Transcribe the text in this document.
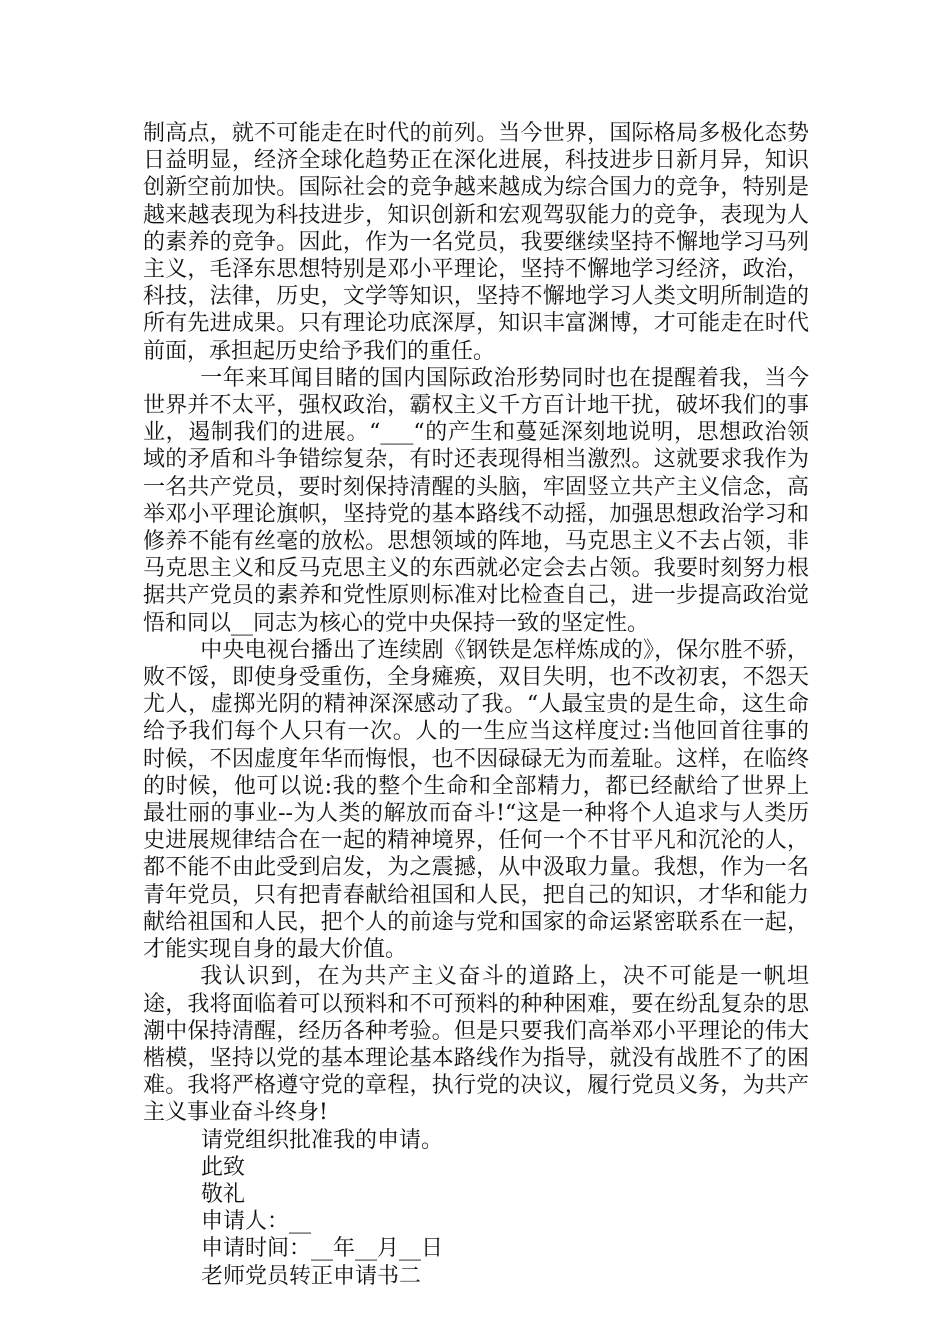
制高点，就不可能走在时代的前列。当今世界，国际格局多极化态势日益明显，经济全球化趋势正在深化进展，科技进步日新月异，知识创新空前加快。国际社会的竞争越来越成为综合国力的竞争，特别是越来越表现为科技进步，知识创新和宏观驾驭能力的竞争，表现为人的素养的竞争。因此，作为一名党员，我要继续坚持不懈地学习马列主义，毛泽东思想特别是邓小平理论，坚持不懈地学习经济，政治，科技，法律，历史，文学等知识，坚持不懈地学习人类文明所制造的所有先进成果。只有理论功底深厚，知识丰富渊博，才可能走在时代前面，承担起历史给予我们的重任。

一年来耳闻目睹的国内国际政治形势同时也在提醒着我，当今世界并不太平，强权政治，霸权主义千方百计地干扰，破坏我们的事业，遏制我们的进展。“___“的产生和蔓延深刻地说明，思想政治领域的矛盾和斗争错综复杂，有时还表现得相当激烈。这就要求我作为一名共产党员，要时刻保持清醒的头脑，牢固竖立共产主义信念，高举邓小平理论旗帜，坚持党的基本路线不动摇，加强思想政治学习和修养不能有丝毫的放松。思想领域的阵地，马克思主义不去占领，非马克思主义和反马克思主义的东西就必定会去占领。我要时刻努力根据共产党员的素养和党性原则标准对比检查自己，进一步提高政治觉悟和同以__同志为核心的党中央保持一致的坚定性。

中央电视台播出了连续剧《钢铁是怎样炼成的》，保尔胜不骄，败不馁，即使身受重伤，全身瘫痪，双目失明，也不改初衷，不怨天尤人，虚掷光阴的精神深深感动了我。“人最宝贵的是生命，这生命给予我们每个人只有一次。人的一生应当这样度过:当他回首往事的时候，不因虚度年华而悔恨，也不因碌碌无为而羞耻。这样，在临终的时候，他可以说:我的整个生命和全部精力，都已经献给了世界上最壮丽的事业--为人类的解放而奋斗!“这是一种将个人追求与人类历史进展规律结合在一起的精神境界，任何一个不甘平凡和沉沦的人，都不能不由此受到启发，为之震撼，从中汲取力量。我想，作为一名青年党员，只有把青春献给祖国和人民，把自己的知识，才华和能力献给祖国和人民，把个人的前途与党和国家的命运紧密联系在一起，才能实现自身的最大价值。

我认识到，在为共产主义奋斗的道路上，决不可能是一帆坦途，我将面临着可以预料和不可预料的种种困难，要在纷乱复杂的思潮中保持清醒，经历各种考验。但是只要我们高举邓小平理论的伟大楷模，坚持以党的基本理论基本路线作为指导，就没有战胜不了的困难。我将严格遵守党的章程，执行党的决议，履行党员义务，为共产主义事业奋斗终身!

请党组织批准我的申请。

此致

敬礼

申请人：__

申请时间：__年__月__日

老师党员转正申请书二
